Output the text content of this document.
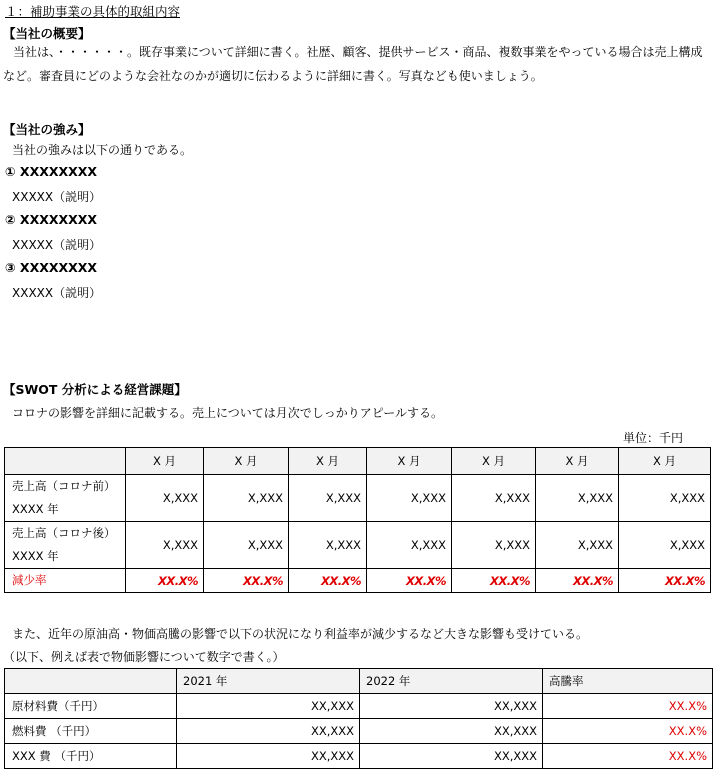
１：補助事業の具体的取組内容
【当社の概要】
当社は、・・・・・・。既存事業について詳細に書く。社歴、顧客、提供サービス・商品、複数事業をやっている場合は売上構成など。審査員にどのような会社なのかが適切に伝わるように詳細に書く。写真なども使いましょう。
【当社の強み】
当社の強みは以下の通りである。
① XXXXXXXX
XXXXX（説明）
② XXXXXXXX
XXXXX（説明）
③ XXXXXXXX
XXXXX（説明）
【SWOT 分析による経営課題】
コロナの影響を詳細に記載する。売上については月次でしっかりアピールする。
単位：千円
	X 月	X 月	X 月	X 月	X 月	X 月	X 月

売上高（コロナ前）
XXXX 年	X,XXX	X,XXX	X,XXX	X,XXX	X,XXX	X,XXX	X,XXX

売上高（コロナ後）
XXXX 年	X,XXX	X,XXX	X,XXX	X,XXX	X,XXX	X,XXX	X,XXX
減少率	XX.X%	XX.X%	XX.X%	XX.X%	XX.X%	XX.X%	XX.X%
また、近年の原油高・物価高騰の影響で以下の状況になり利益率が減少するなど大きな影響も受けている。
（以下、例えば表で物価影響について数字で書く。）
	2021 年	2022 年	高騰率
原材料費（千円）	XX,XXX	XX,XXX	XX.X%
燃料費 （千円）	XX,XXX	XX,XXX	XX.X%
XXX 費 （千円）	XX,XXX	XX,XXX	XX.X%
